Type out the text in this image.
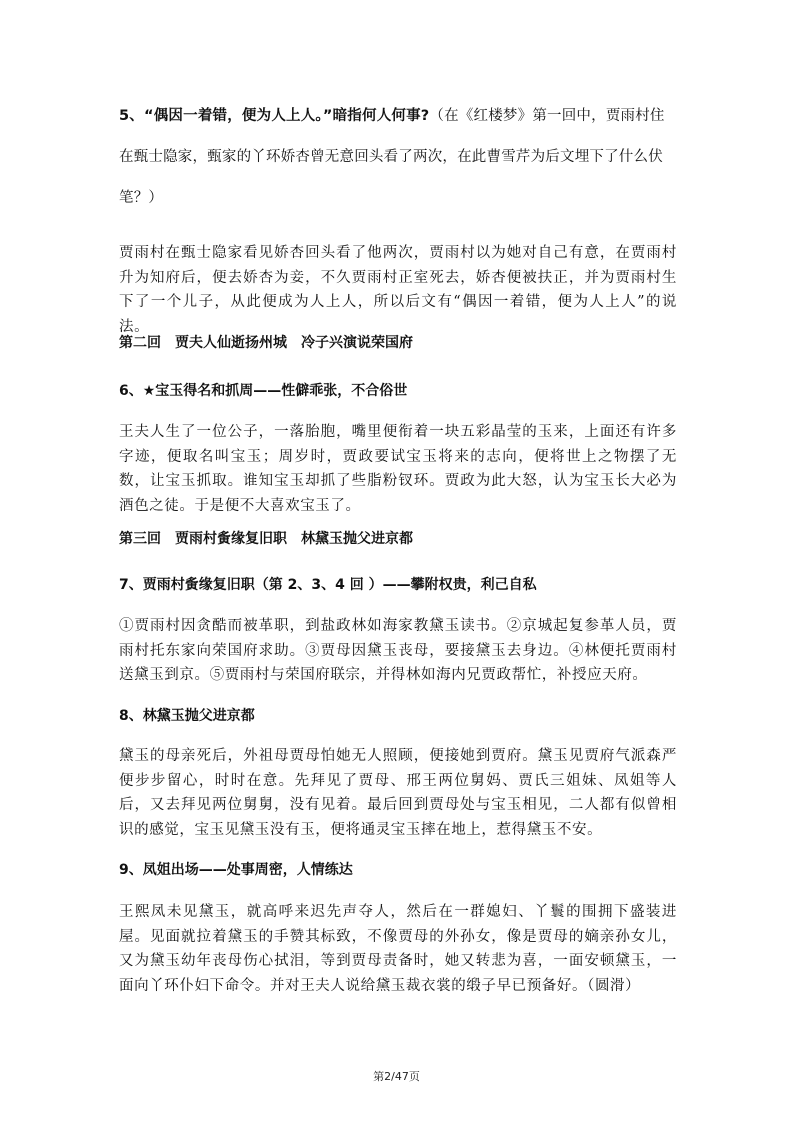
5、“偶因一着错，便为人上人。”暗指何人何事?（在《红楼梦》第一回中，贾雨村住在甄士隐家，甄家的丫环娇杏曾无意回头看了两次，在此曹雪芹为后文埋下了什么伏笔？）

贾雨村在甄士隐家看见娇杏回头看了他两次，贾雨村以为她对自己有意，在贾雨村升为知府后，便去娇杏为妾，不久贾雨村正室死去，娇杏便被扶正，并为贾雨村生下了一个儿子，从此便成为人上人，所以后文有“偶因一着错，便为人上人”的说法。

第二回　贾夫人仙逝扬州城　冷子兴演说荣国府

6、★宝玉得名和抓周——性僻乖张，不合俗世

王夫人生了一位公子，一落胎胞，嘴里便衔着一块五彩晶莹的玉来，上面还有许多字迹，便取名叫宝玉；周岁时，贾政要试宝玉将来的志向，便将世上之物摆了无数，让宝玉抓取。谁知宝玉却抓了些脂粉钗环。贾政为此大怒，认为宝玉长大必为酒色之徒。于是便不大喜欢宝玉了。

第三回　贾雨村夤缘复旧职　林黛玉抛父进京都

7、贾雨村夤缘复旧职（第 2、3、4 回 ）——攀附权贵，利己自私

①贾雨村因贪酷而被革职，到盐政林如海家教黛玉读书。②京城起复参革人员，贾雨村托东家向荣国府求助。③贾母因黛玉丧母，要接黛玉去身边。④林便托贾雨村送黛玉到京。⑤贾雨村与荣国府联宗，并得林如海内兄贾政帮忙，补授应天府。

8、林黛玉抛父进京都

黛玉的母亲死后，外祖母贾母怕她无人照顾，便接她到贾府。黛玉见贾府气派森严便步步留心，时时在意。先拜见了贾母、邢王两位舅妈、贾氏三姐妹、凤姐等人后，又去拜见两位舅舅，没有见着。最后回到贾母处与宝玉相见，二人都有似曾相识的感觉，宝玉见黛玉没有玉，便将通灵宝玉摔在地上，惹得黛玉不安。

9、凤姐出场——处事周密，人情练达

王熙凤未见黛玉，就高呼来迟先声夺人，然后在一群媳妇、丫鬟的围拥下盛装进屋。见面就拉着黛玉的手赞其标致，不像贾母的外孙女，像是贾母的嫡亲孙女儿，又为黛玉幼年丧母伤心拭泪，等到贾母责备时，她又转悲为喜，一面安顿黛玉，一面向丫环仆妇下命令。并对王夫人说给黛玉裁衣裳的缎子早已预备好。（圆滑）

第2/47页
